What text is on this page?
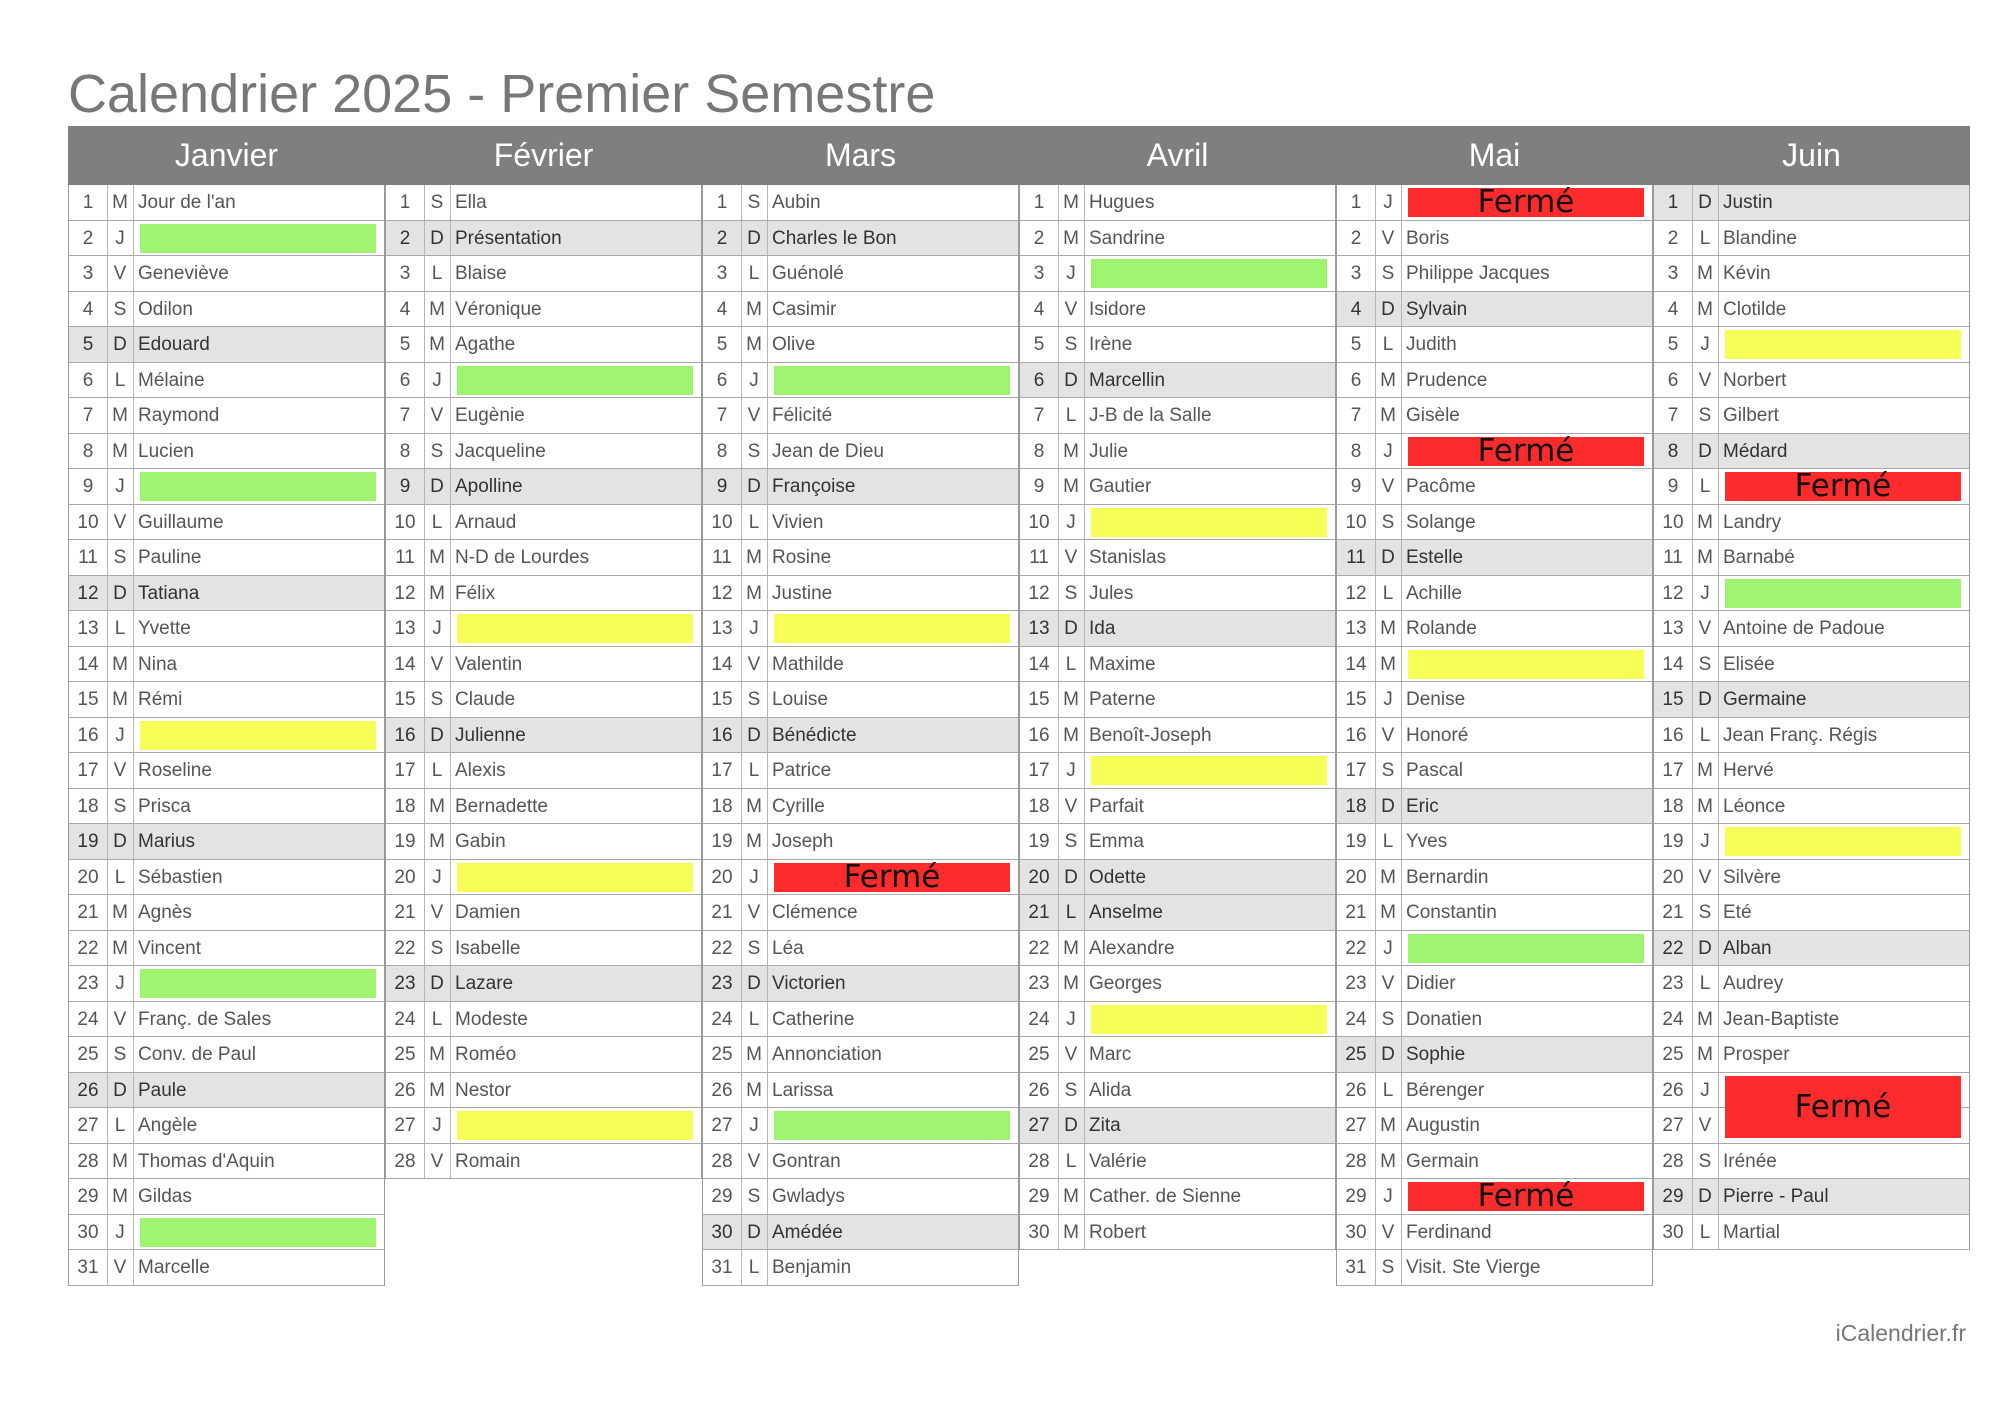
Calendrier 2025 - Premier Semestre
Janvier
1 M Jour de l'an
2	J
3	V Geneviève
4	S Odilon
5	D Edouard
6	L Mélaine
7 M Raymond
8 M Lucien
9	J
10 V Guillaume
11 S Pauline
12 D Tatiana
13 L Yvette
14 M Nina
15 M Rémi
16 J
17 V Roseline
18 S Prisca
19 D Marius
20 L Sébastien
21 M Agnès
22 M Vincent
23 J
24 V Franç. de Sales
25 S Conv. de Paul
26 D Paule
27 L Angèle
28 M Thomas d'Aquin
29 M Gildas
30 J
31 V Marcelle
Février
1	S Ella
2	D Présentation
3	L Blaise
4 M Véronique
5 M Agathe
6	J
7	V Eugènie
8	S Jacqueline
9	D Apolline
10 L Arnaud
11 M N-D de Lourdes
12 M Félix
13 J
14 V Valentin
15 S Claude
16 D Julienne
17 L Alexis
18 M Bernadette
19 M Gabin
20 J
21 V Damien
22 S Isabelle
23 D Lazare
24 L Modeste
25 M Roméo
26 M Nestor
27 J
28 V Romain
Mars
1	S Aubin
2	D Charles le Bon
3	L Guénolé
4 M Casimir
5 M Olive
6	J
7	V Félicité
8	S Jean de Dieu
9	D Françoise
10 L Vivien
11 M Rosine
12 M Justine
13 J
14 V Mathilde
15 S Louise
16 D Bénédicte
17 L Patrice
18 M Cyrille
19 M Joseph
20 J	Fermé
21 V Clémence
22 S Léa
23 D Victorien
24 L Catherine
25 M Annonciation
26 M Larissa
27 J
28 V Gontran
29 S Gwladys
30 D Amédée
31 L Benjamin
Avril
1 M Hugues
2 M Sandrine
3	J
4	V Isidore
5	S Irène
6	D Marcellin
7	L J-B de la Salle
8 M Julie
9 M Gautier
10 J
11 V Stanislas
12 S Jules
13 D Ida
14 L Maxime
15 M Paterne
16 M Benoît-Joseph
17 J
18 V Parfait
19 S Emma
20 D Odette
21 L Anselme
22 M Alexandre
23 M Georges
24 J
25 V Marc
26 S Alida
27 D Zita
28 L Valérie
29 M Cather. de Sienne
30 M Robert
Mai
1	J	Fermé
2	V Boris
3	S Philippe Jacques
4	D Sylvain
5	L Judith
6 M Prudence
7 M Gisèle
8	J	Fermé
9	V Pacôme
10 S Solange
11 D Estelle
12 L Achille
13 M Rolande
14 M
15 J Denise
16 V Honoré
17 S Pascal
18 D Eric
19 L Yves
20 M Bernardin
21 M Constantin
22 J
23 V Didier
24 S Donatien
25 D Sophie
26 L Bérenger
27 M Augustin
28 M Germain
29 J	Fermé
30 V Ferdinand
31 S Visit. Ste Vierge
Juin
1	D Justin
2	L Blandine
3 M Kévin
4 M Clotilde
5	J
6	V Norbert
7	S Gilbert
8	D Médard
9	L	Fermé
10 M Landry
11 M Barnabé
12 J
13 V Antoine de Padoue
14 S Elisée
15 D Germaine
16 L Jean Franç. Régis
17 M Hervé
18 M Léonce
19 J
20 V Silvère
21 S Eté
22 D Alban
23 L Audrey
24 M Jean-Baptiste
25 M Prosper
26 J	Fermé
27 V
28 S Irénée
29 D Pierre - Paul
30 L Martial
iCalendrier.fr
